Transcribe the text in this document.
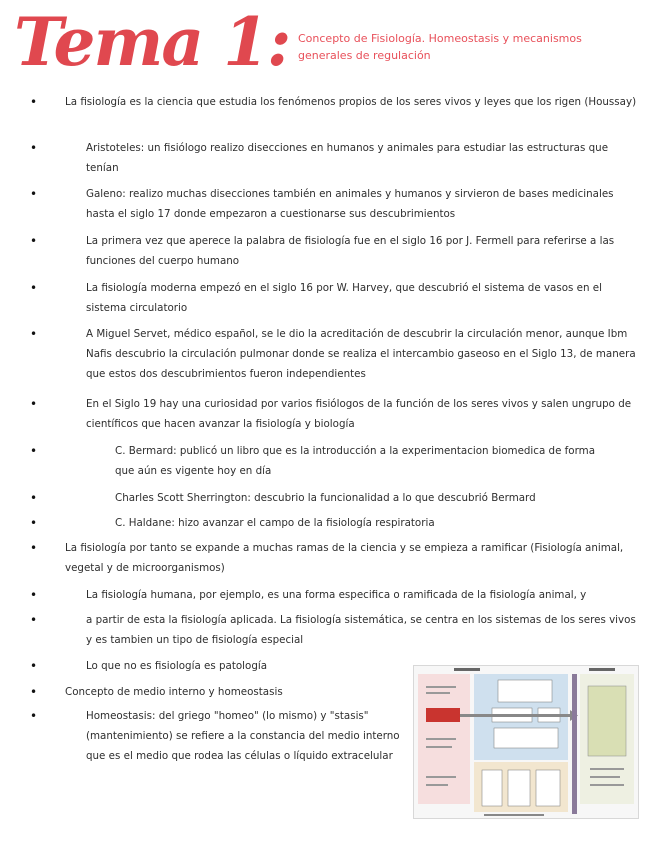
Tema 1: Concepto de Fisiología. Homeostasis y mecanismos generales de regulación
•	La fisiología es la ciencia que estudia los fenómenos propios de los seres vivos y leyes que los rigen (Houssay)
•	Aristoteles: un fisiólogo realizo disecciones en humanos y animales para estudiar las estructuras que tenían
•	Galeno: realizo muchas disecciones también en animales y humanos y sirvieron de bases medicinales hasta el siglo 17 donde empezaron a cuestionarse sus descubrimientos
•	La primera vez que aperece la palabra de fisiología fue en el siglo 16 por J. Fermell para referirse a las funciones del cuerpo humano
•	La fisiología moderna empezó en el siglo 16 por W. Harvey, que descubrió el sistema de vasos en el sistema circulatorio
•	A Miguel Servet, médico español, se le dio la acreditación de descubrir la circulación menor, aunque Ibm Nafis descubrio la circulación pulmonar donde se realiza el intercambio gaseoso en el Siglo 13, de manera que estos dos descubrimientos fueron independientes
•	En el Siglo 19 hay una curiosidad por varios fisiólogos de la función de los seres vivos y salen ungrupo de científicos que hacen avanzar la fisiología y biología
•	C. Bermard: publicó un libro que es la introducción a la experimentacion biomedica de forma que aún es vigente hoy en día
•	Charles Scott Sherrington: descubrio la funcionalidad a lo que descubrió Bermard
•	C. Haldane: hizo avanzar el campo de la fisiología respiratoria
•	La fisiología por tanto se expande a muchas ramas de la ciencia y se empieza a ramificar (Fisiología animal, vegetal y de microorganismos)
•	La fisiología humana, por ejemplo, es una forma especifica o ramificada de la fisiología animal, y
•	a partir de esta la fisiología aplicada. La fisiología sistemática, se centra en los sistemas de los seres vivos y es tambien un tipo de fisiología especial
•	Lo que no es fisiología es patología
•	Concepto de medio interno y homeostasis
•	Homeostasis: del griego "homeo" (lo mismo) y "stasis" (mantenimiento) se refiere a la constancia del medio interno que es el medio que rodea las células o líquido extracelular
